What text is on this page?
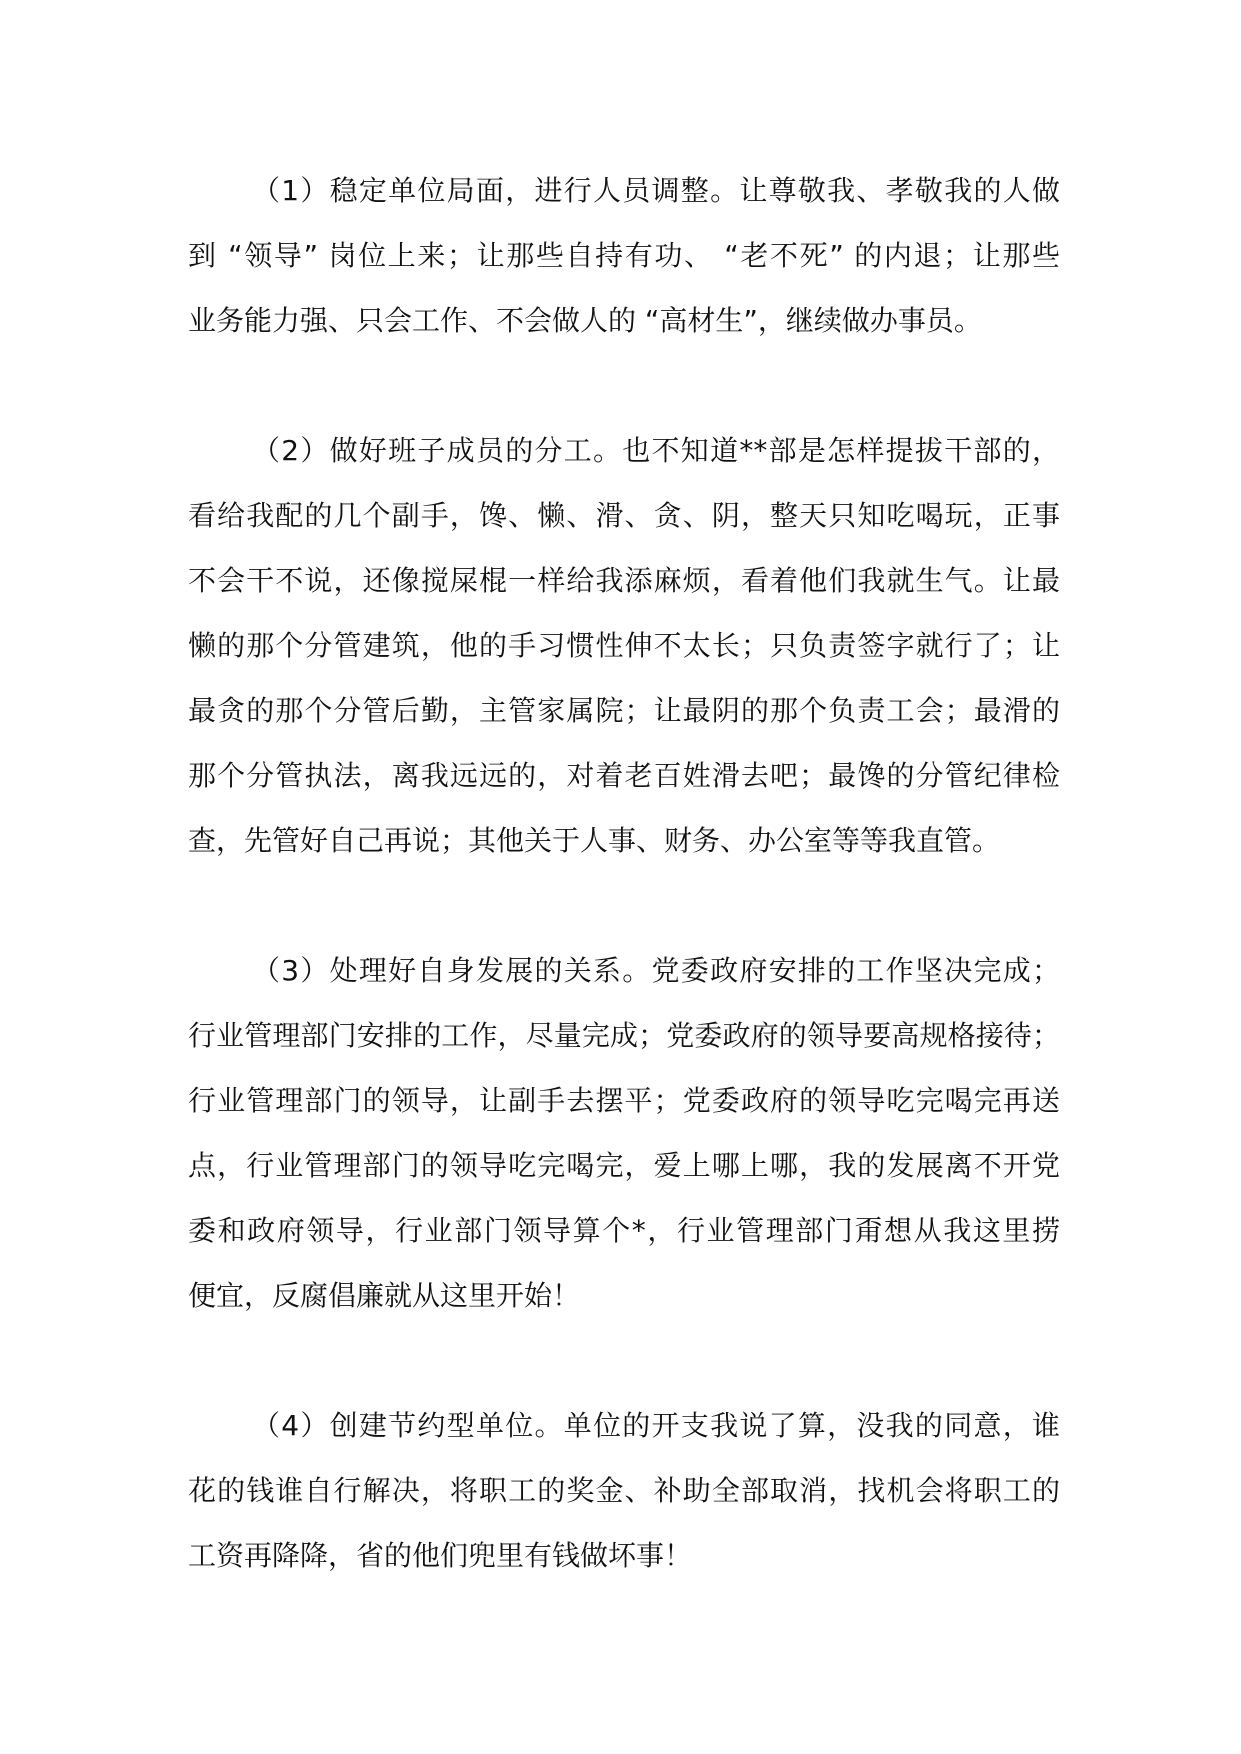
（1）稳定单位局面，进行人员调整。让尊敬我、孝敬我的人做
到 “领导” 岗位上来；让那些自持有功、 “老不死” 的内退；让那些
业务能力强、只会工作、不会做人的 “高材生”，继续做办事员。
（2）做好班子成员的分工。也不知道**部是怎样提拔干部的，
看给我配的几个副手，馋、懒、滑、贪、阴，整天只知吃喝玩，正事
不会干不说，还像搅屎棍一样给我添麻烦，看着他们我就生气。让最
懒的那个分管建筑，他的手习惯性伸不太长；只负责签字就行了；让
最贪的那个分管后勤，主管家属院；让最阴的那个负责工会；最滑的
那个分管执法，离我远远的，对着老百姓滑去吧；最馋的分管纪律检
查，先管好自己再说；其他关于人事、财务、办公室等等我直管。
（3）处理好自身发展的关系。党委政府安排的工作坚决完成；
行业管理部门安排的工作，尽量完成；党委政府的领导要高规格接待；
行业管理部门的领导，让副手去摆平；党委政府的领导吃完喝完再送
点，行业管理部门的领导吃完喝完，爱上哪上哪，我的发展离不开党
委和政府领导，行业部门领导算个*，行业管理部门甭想从我这里捞
便宜，反腐倡廉就从这里开始！
（4）创建节约型单位。单位的开支我说了算，没我的同意，谁
花的钱谁自行解决，将职工的奖金、补助全部取消，找机会将职工的
工资再降降，省的他们兜里有钱做坏事！
